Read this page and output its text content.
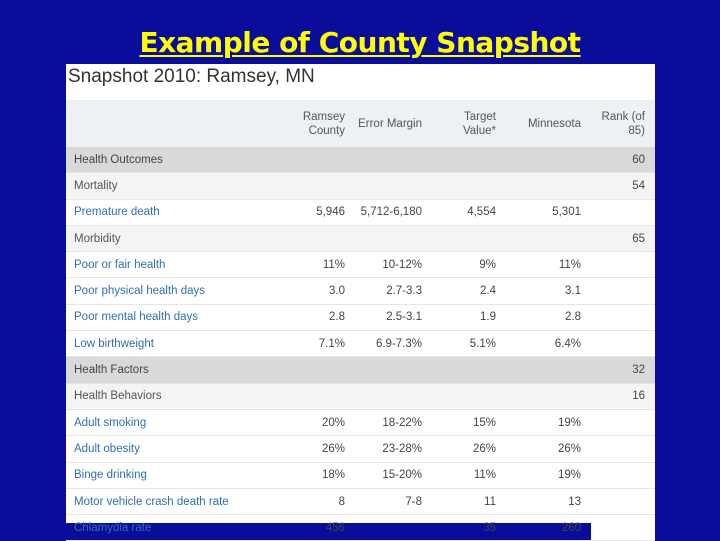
Example of County Snapshot
Snapshot 2010: Ramsey, MN
	Ramsey County	Error Margin	Target Value*	Minnesota	Rank (of 85)
Health Outcomes					60
Mortality					54
Premature death	5,946	5,712-6,180	4,554	5,301	
Morbidity					65
Poor or fair health	11%	10-12%	9%	11%	
Poor physical health days	3.0	2.7-3.3	2.4	3.1	
Poor mental health days	2.8	2.5-3.1	1.9	2.8	
Low birthweight	7.1%	6.9-7.3%	5.1%	6.4%	
Health Factors					32
Health Behaviors					16
Adult smoking	20%	18-22%	15%	19%	
Adult obesity	26%	23-28%	26%	26%	
Binge drinking	18%	15-20%	11%	19%	
Motor vehicle crash death rate	8	7-8	11	13	
Chlamydia rate	456		35	260	
